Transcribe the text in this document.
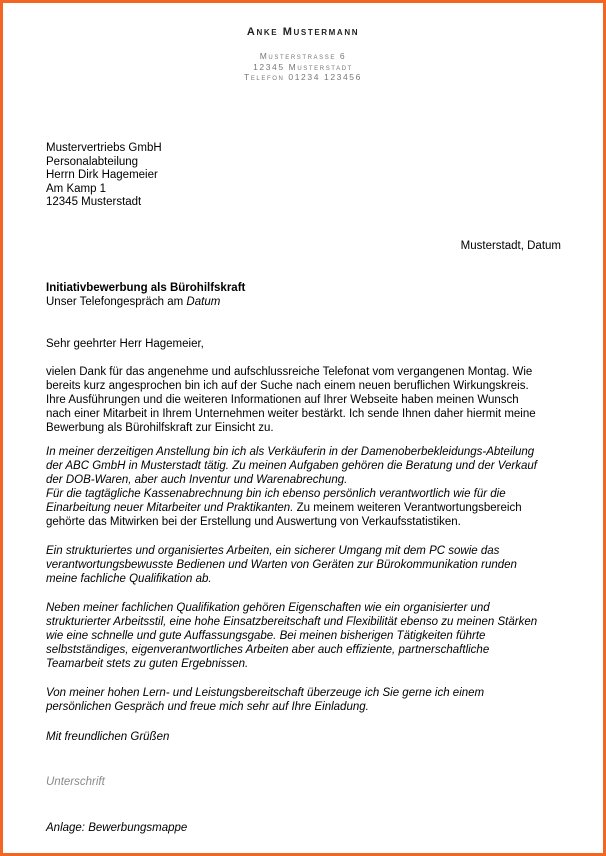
Anke Mustermann
Musterstrasse 6
12345 Musterstadt
Telefon 01234 123456
Mustervertriebs GmbH
Personalabteilung
Herrn Dirk Hagemeier
Am Kamp 1
12345 Musterstadt
Musterstadt, Datum
Initiativbewerbung als Bürohilfskraft
Unser Telefongespräch am Datum
Sehr geehrter Herr Hagemeier,
vielen Dank für das angenehme und aufschlussreiche Telefonat vom vergangenen Montag. Wie
bereits kurz angesprochen bin ich auf der Suche nach einem neuen beruflichen Wirkungskreis.
Ihre Ausführungen und die weiteren Informationen auf Ihrer Webseite haben meinen Wunsch
nach einer Mitarbeit in Ihrem Unternehmen weiter bestärkt. Ich sende Ihnen daher hiermit meine
Bewerbung als Bürohilfskraft zur Einsicht zu.
In meiner derzeitigen Anstellung bin ich als Verkäuferin in der Damenoberbekleidungs-Abteilung
der ABC GmbH in Musterstadt tätig. Zu meinen Aufgaben gehören die Beratung und der Verkauf
der DOB-Waren, aber auch Inventur und Warenabrechung.
Für die tagtägliche Kassenabrechnung bin ich ebenso persönlich verantwortlich wie für die
Einarbeitung neuer Mitarbeiter und Praktikanten. Zu meinem weiteren Verantwortungsbereich
gehörte das Mitwirken bei der Erstellung und Auswertung von Verkaufsstatistiken.
Ein strukturiertes und organisiertes Arbeiten, ein sicherer Umgang mit dem PC sowie das
verantwortungsbewusste Bedienen und Warten von Geräten zur Bürokommunikation runden
meine fachliche Qualifikation ab.
Neben meiner fachlichen Qualifikation gehören Eigenschaften wie ein organisierter und
strukturierter Arbeitsstil, eine hohe Einsatzbereitschaft und Flexibilität ebenso zu meinen Stärken
wie eine schnelle und gute Auffassungsgabe. Bei meinen bisherigen Tätigkeiten führte
selbstständiges, eigenverantwortliches Arbeiten aber auch effiziente, partnerschaftliche
Teamarbeit stets zu guten Ergebnissen.
Von meiner hohen Lern- und Leistungsbereitschaft überzeuge ich Sie gerne ich einem
persönlichen Gespräch und freue mich sehr auf Ihre Einladung.
Mit freundlichen Grüßen
Unterschrift
Anlage: Bewerbungsmappe
